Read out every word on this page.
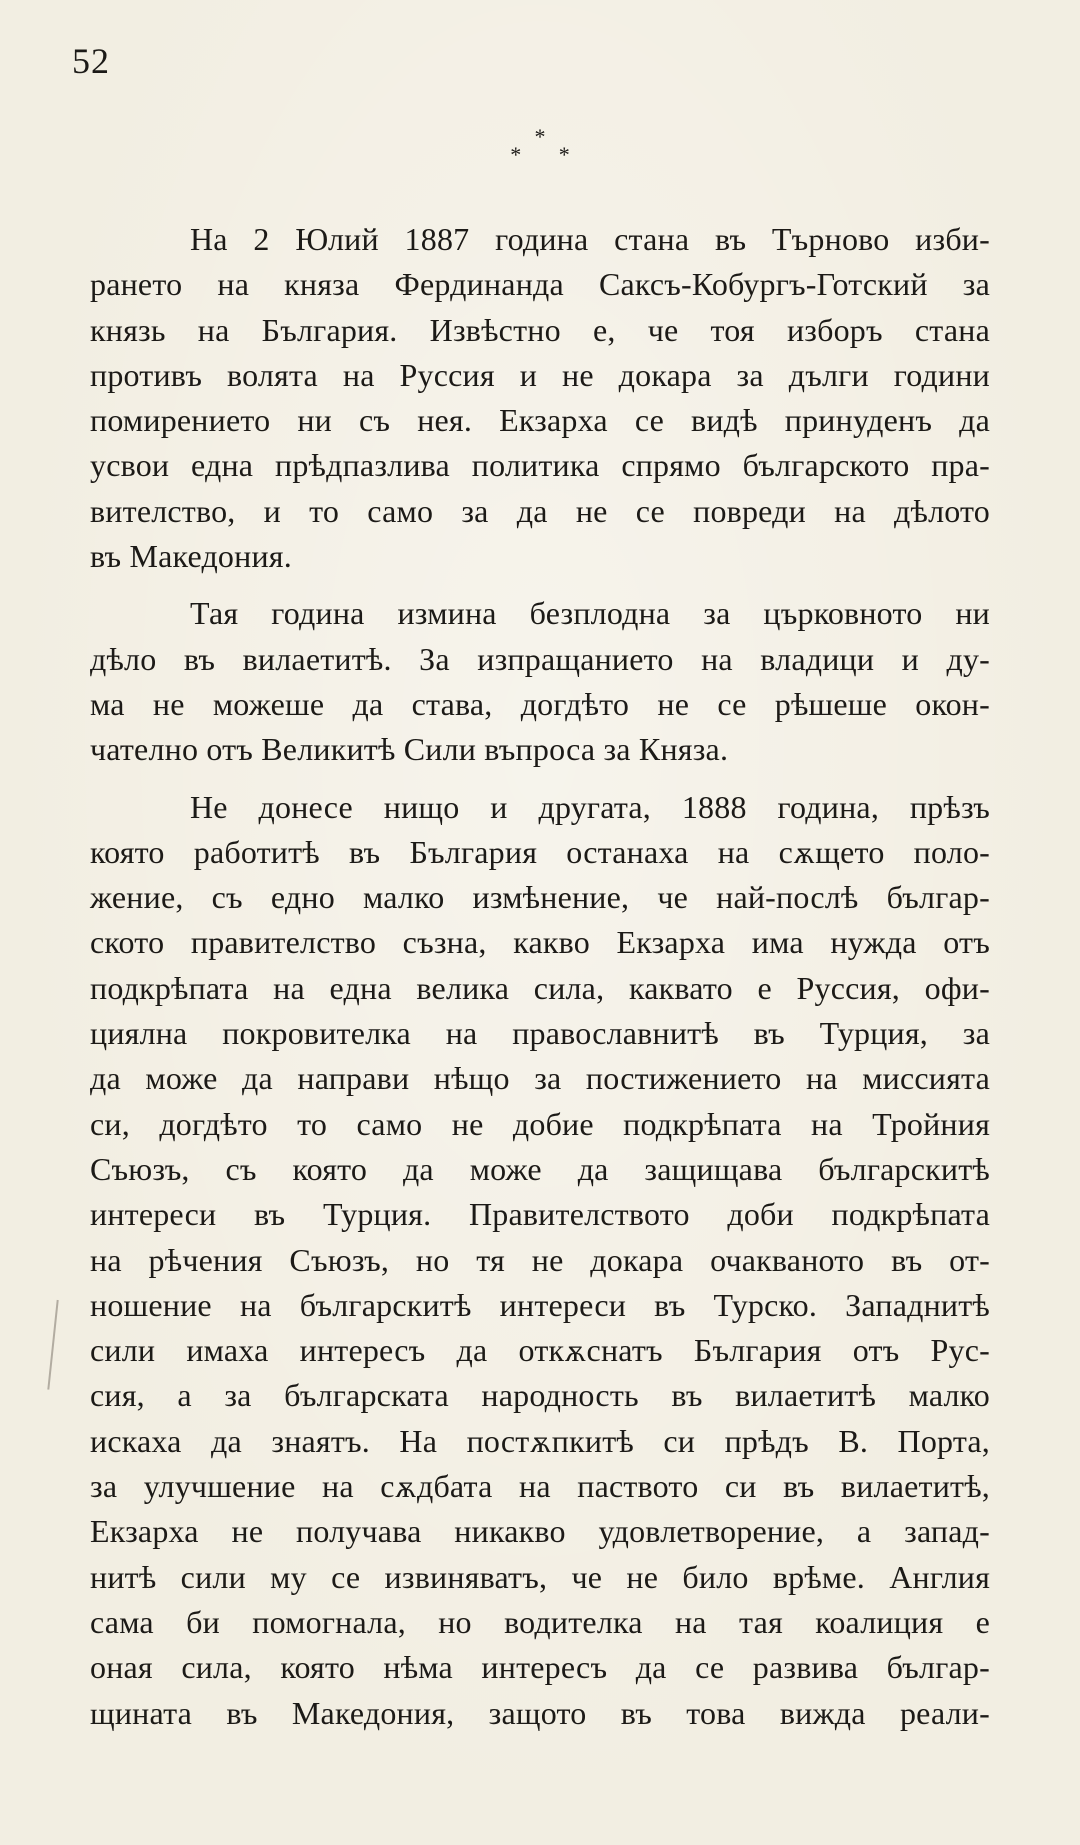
52
*
* *
На 2 Юлий 1887 година стана въ Търново изби-
рането на княза Фердинанда Саксъ-Кобургъ-Готский за
князь на България. Извѣстно е, че тоя изборъ стана
противъ волята на Руссия и не докара за дълги години
помирението ни съ нея. Екзарха се видѣ принуденъ да
усвои една прѣдпазлива политика спрямо българското пра-
вителство, и то само за да не се повреди на дѣлото
въ Македония.
Тая година измина безплодна за църковното ни
дѣло въ вилаетитѣ. За изпращанието на владици и ду-
ма не можеше да става, догдѣто не се рѣшеше окон-
чателно отъ Великитѣ Сили въпроса за Княза.
Не донесе нищо и другата, 1888 година, прѣзъ
която работитѣ въ България останаха на сѫщето поло-
жение, съ едно малко измѣнение, че най-послѣ българ-
ското правителство съзна, какво Екзарха има нужда отъ
подкрѣпата на една велика сила, каквато е Руссия, офи-
циялна покровителка на православнитѣ въ Турция, за
да може да направи нѣщо за постижението на миссията
си, догдѣто то само не добие подкрѣпата на Тройния
Съюзъ, съ която да може да защищава българскитѣ
интереси въ Турция. Правителството доби подкрѣпата
на рѣчения Съюзъ, но тя не докара очакваното въ от-
ношение на българскитѣ интереси въ Турско. Западнитѣ
сили имаха интересъ да откѫснатъ България отъ Рус-
сия, а за българската народность въ вилаетитѣ малко
искаха да знаятъ. На постѫпкитѣ си прѣдъ В. Порта,
за улучшение на сѫдбата на паството си въ вилаетитѣ,
Екзарха не получава никакво удовлетворение, а запад-
нитѣ сили му се извиняватъ, че не било врѣме. Англия
сама би помогнала, но водителка на тая коалиция е
оная сила, която нѣма интересъ да се развива българ-
щината въ Македония, защото въ това вижда реали-
